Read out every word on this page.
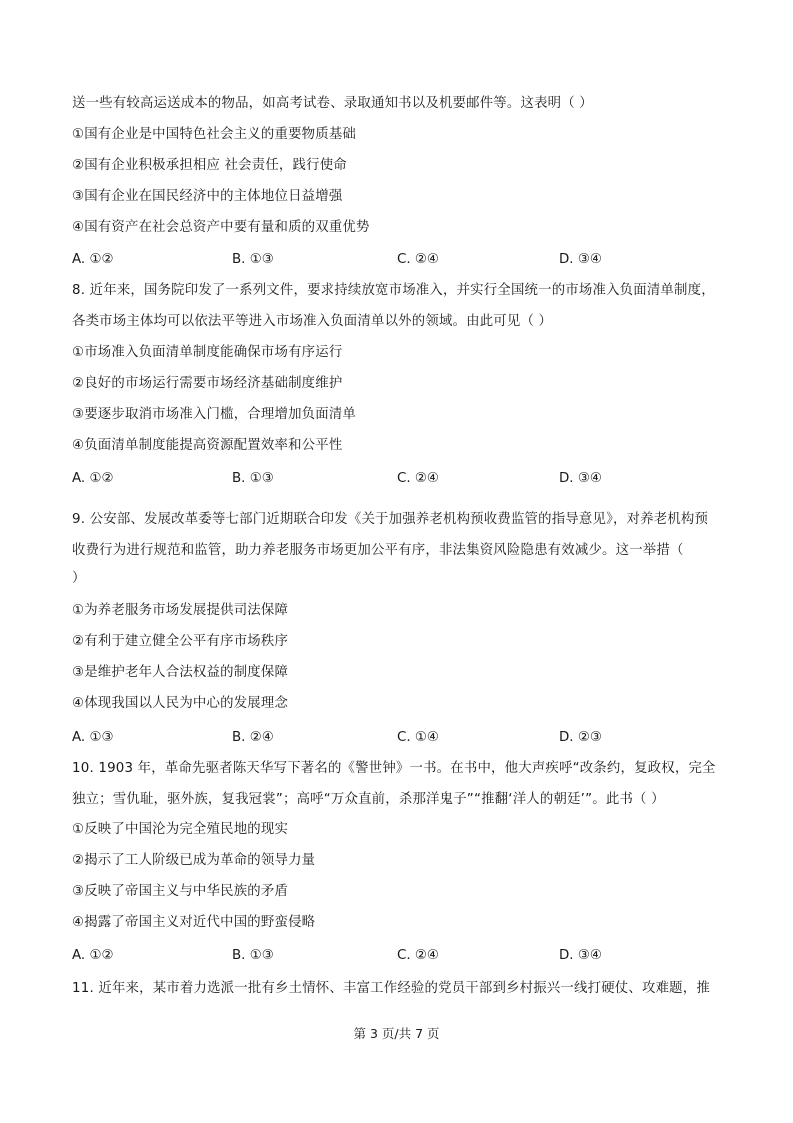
送一些有较高运送成本的物品，如高考试卷、录取通知书以及机要邮件等。这表明（ ）
①国有企业是中国特色社会主义的重要物质基础
②国有企业积极承担相应 社会责任，践行使命
③国有企业在国民经济中的主体地位日益增强
④国有资产在社会总资产中要有量和质的双重优势
A. ①②	B. ①③	C. ②④	D. ③④
8. 近年来，国务院印发了一系列文件，要求持续放宽市场准入，并实行全国统一的市场准入负面清单制度，
各类市场主体均可以依法平等进入市场准入负面清单以外的领域。由此可见（ ）
①市场准入负面清单制度能确保市场有序运行
②良好的市场运行需要市场经济基础制度维护
③要逐步取消市场准入门槛，合理增加负面清单
④负面清单制度能提高资源配置效率和公平性
A. ①②	B. ①③	C. ②④	D. ③④
9. 公安部、发展改革委等七部门近期联合印发《关于加强养老机构预收费监管的指导意见》，对养老机构预
收费行为进行规范和监管，助力养老服务市场更加公平有序，非法集资风险隐患有效减少。这一举措（
）
①为养老服务市场发展提供司法保障
②有利于建立健全公平有序市场秩序
③是维护老年人合法权益的制度保障
④体现我国以人民为中心的发展理念
A. ①③	B. ②④	C. ①④	D. ②③
10. 1903 年，革命先驱者陈天华写下著名的《警世钟》一书。在书中，他大声疾呼“改条约，复政权，完全
独立；雪仇耻，驱外族，复我冠裳”；高呼“万众直前，杀那洋鬼子”“推翻‘洋人的朝廷’”。此书（ ）
①反映了中国沦为完全殖民地的现实
②揭示了工人阶级已成为革命的领导力量
③反映了帝国主义与中华民族的矛盾
④揭露了帝国主义对近代中国的野蛮侵略
A. ①②	B. ①③	C. ②④	D. ③④
11. 近年来，某市着力选派一批有乡土情怀、丰富工作经验的党员干部到乡村振兴一线打硬仗、攻难题，推
第 3 页/共 7 页
